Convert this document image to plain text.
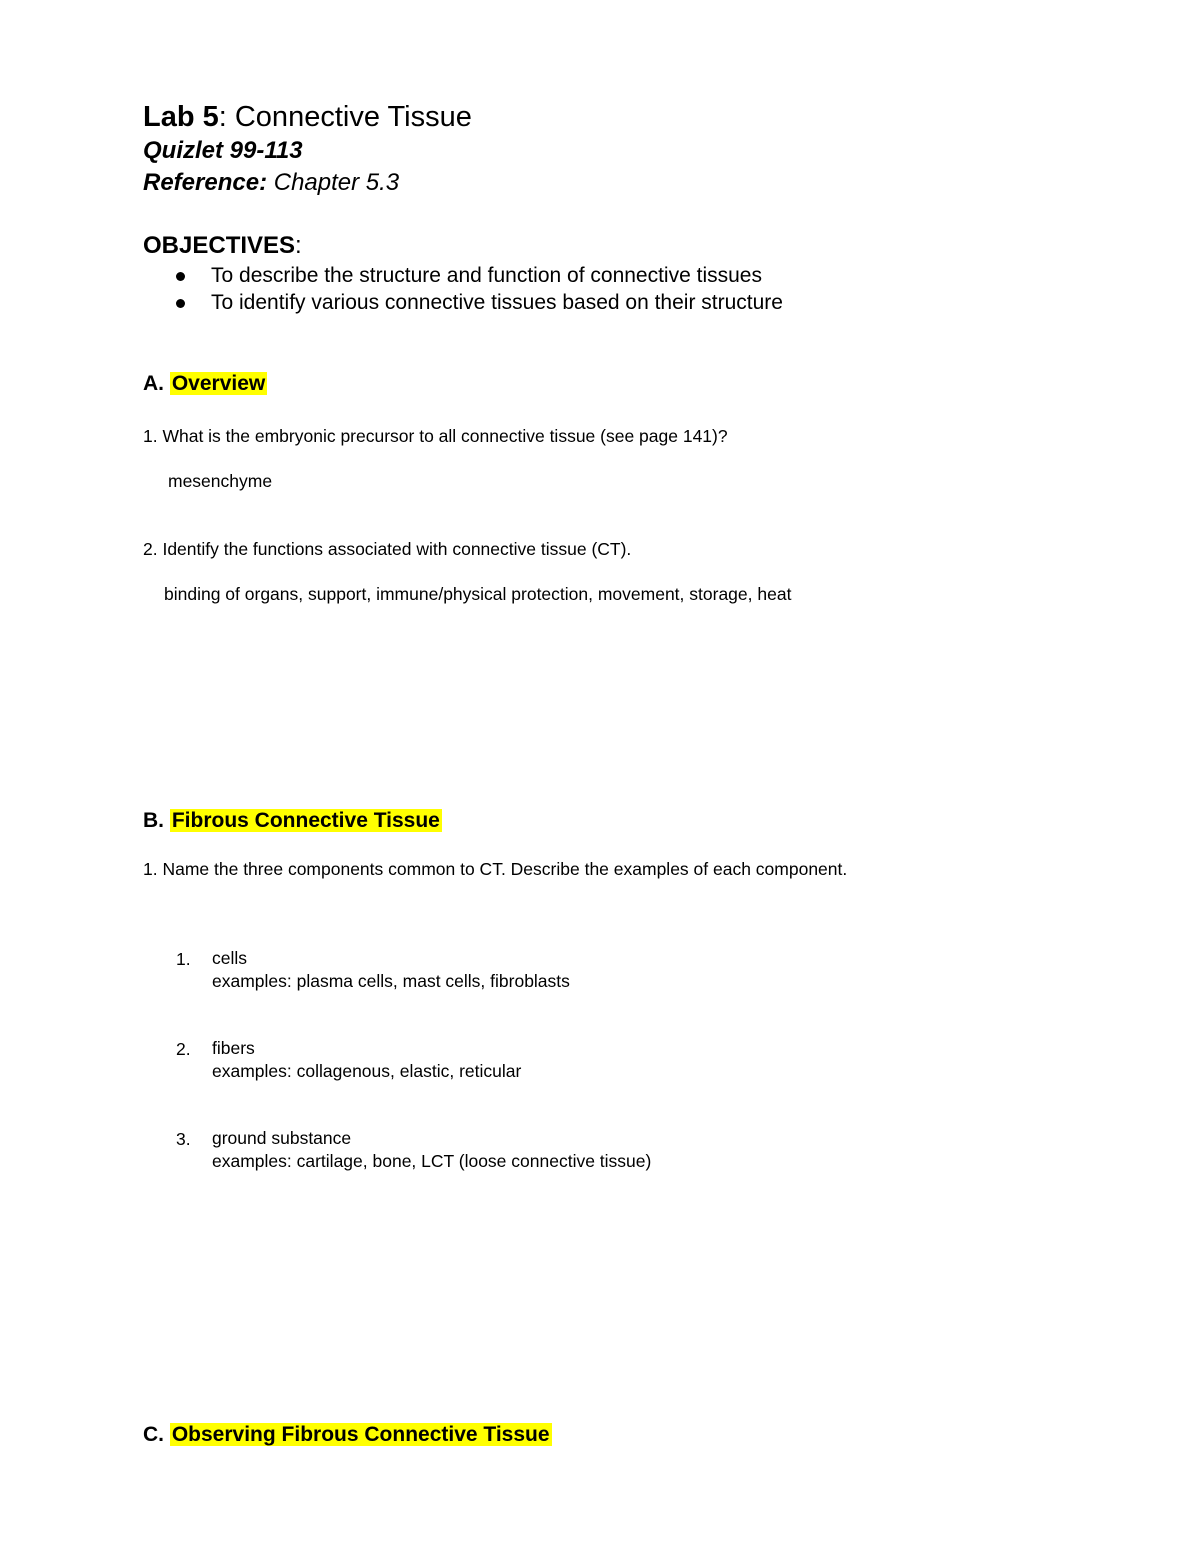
Lab 5: Connective Tissue
Quizlet 99-113
Reference: Chapter 5.3
OBJECTIVES:
To describe the structure and function of connective tissues
To identify various connective tissues based on their structure
A. Overview
1. What is the embryonic precursor to all connective tissue (see page 141)?
mesenchyme
2. Identify the functions associated with connective tissue (CT).
binding of organs, support, immune/physical protection, movement, storage, heat
B. Fibrous Connective Tissue
1. Name the three components common to CT. Describe the examples of each component.
1. cells
examples: plasma cells, mast cells, fibroblasts
2. fibers
examples: collagenous, elastic, reticular
3. ground substance
examples: cartilage, bone, LCT (loose connective tissue)
C. Observing Fibrous Connective Tissue
